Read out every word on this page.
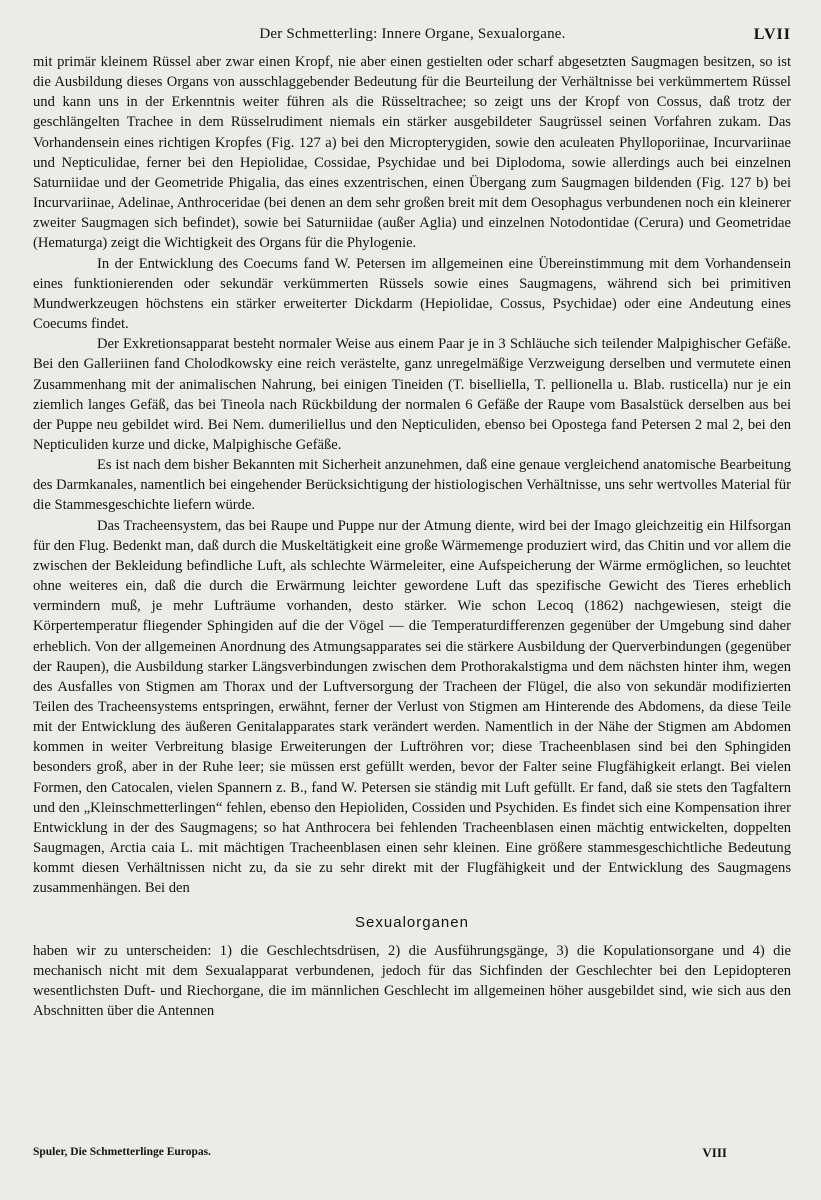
Der Schmetterling: Innere Organe, Sexualorgane.	LVII

mit primär kleinem Rüssel aber zwar einen Kropf, nie aber einen gestielten oder scharf abgesetzten Saugmagen besitzen, so ist die Ausbildung dieses Organs von ausschlaggebender Bedeutung für die Beurteilung der Verhältnisse bei verkümmertem Rüssel und kann uns in der Erkenntnis weiter führen als die Rüsseltrachee; so zeigt uns der Kropf von Cossus, daß trotz der geschlängelten Trachee in dem Rüsselrudiment niemals ein stärker ausgebildeter Saugrüssel seinen Vorfahren zukam. Das Vorhandensein eines richtigen Kropfes (Fig. 127 a) bei den Micropterygiden, sowie den aculeaten Phylloporiinae, Incurvariinae und Nepticulidae, ferner bei den Hepiolidae, Cossidae, Psychidae und bei Diplodoma, sowie allerdings auch bei einzelnen Saturniidae und der Geometride Phigalia, das eines exzentrischen, einen Übergang zum Saugmagen bildenden (Fig. 127 b) bei Incurvariinae, Adelinae, Anthroceridae (bei denen an dem sehr großen breit mit dem Oesophagus verbundenen noch ein kleinerer zweiter Saugmagen sich befindet), sowie bei Saturniidae (außer Aglia) und einzelnen Notodontidae (Cerura) und Geometridae (Hematurga) zeigt die Wichtigkeit des Organs für die Phylogenie.

In der Entwicklung des Coecums fand W. Petersen im allgemeinen eine Übereinstimmung mit dem Vorhandensein eines funktionierenden oder sekundär verkümmerten Rüssels sowie eines Saugmagens, während sich bei primitiven Mundwerkzeugen höchstens ein stärker erweiterter Dickdarm (Hepiolidae, Cossus, Psychidae) oder eine Andeutung eines Coecums findet.

Der Exkretionsapparat besteht normaler Weise aus einem Paar je in 3 Schläuche sich teilender Malpighischer Gefäße. Bei den Galleriinen fand Cholodkowsky eine reich verästelte, ganz unregelmäßige Verzweigung derselben und vermutete einen Zusammenhang mit der animalischen Nahrung, bei einigen Tineiden (T. biselliella, T. pellionella u. Blab. rusticella) nur je ein ziemlich langes Gefäß, das bei Tineola nach Rückbildung der normalen 6 Gefäße der Raupe vom Basalstück derselben aus bei der Puppe neu gebildet wird. Bei Nem. dumeriliellus und den Nepticuliden, ebenso bei Opostega fand Petersen 2 mal 2, bei den Nepticuliden kurze und dicke, Malpighische Gefäße.

Es ist nach dem bisher Bekannten mit Sicherheit anzunehmen, daß eine genaue vergleichend anatomische Bearbeitung des Darmkanales, namentlich bei eingehender Berücksichtigung der histiologischen Verhältnisse, uns sehr wertvolles Material für die Stammesgeschichte liefern würde.

Das Tracheensystem, das bei Raupe und Puppe nur der Atmung diente, wird bei der Imago gleichzeitig ein Hilfsorgan für den Flug. Bedenkt man, daß durch die Muskeltätigkeit eine große Wärmemenge produziert wird, das Chitin und vor allem die zwischen der Bekleidung befindliche Luft, als schlechte Wärmeleiter, eine Aufspeicherung der Wärme ermöglichen, so leuchtet ohne weiteres ein, daß die durch die Erwärmung leichter gewordene Luft das spezifische Gewicht des Tieres erheblich vermindern muß, je mehr Lufträume vorhanden, desto stärker. Wie schon Lecoq (1862) nachgewiesen, steigt die Körpertemperatur fliegender Sphingiden auf die der Vögel — die Temperaturdifferenzen gegenüber der Umgebung sind daher erheblich. Von der allgemeinen Anordnung des Atmungsapparates sei die stärkere Ausbildung der Querverbindungen (gegenüber der Raupen), die Ausbildung starker Längsverbindungen zwischen dem Prothorakalstigma und dem nächsten hinter ihm, wegen des Ausfalles von Stigmen am Thorax und der Luftversorgung der Tracheen der Flügel, die also von sekundär modifizierten Teilen des Tracheensystems entspringen, erwähnt, ferner der Verlust von Stigmen am Hinterende des Abdomens, da diese Teile mit der Entwicklung des äußeren Genitalapparates stark verändert werden. Namentlich in der Nähe der Stigmen am Abdomen kommen in weiter Verbreitung blasige Erweiterungen der Luftröhren vor; diese Tracheenblasen sind bei den Sphingiden besonders groß, aber in der Ruhe leer; sie müssen erst gefüllt werden, bevor der Falter seine Flugfähigkeit erlangt. Bei vielen Formen, den Catocalen, vielen Spannern z. B., fand W. Petersen sie ständig mit Luft gefüllt. Er fand, daß sie stets den Tagfaltern und den „Kleinschmetterlingen“ fehlen, ebenso den Hepioliden, Cossiden und Psychiden. Es findet sich eine Kompensation ihrer Entwicklung in der des Saugmagens; so hat Anthrocera bei fehlenden Tracheenblasen einen mächtig entwickelten, doppelten Saugmagen, Arctia caia L. mit mächtigen Tracheenblasen einen sehr kleinen. Eine größere stammesgeschichtliche Bedeutung kommt diesen Verhältnissen nicht zu, da sie zu sehr direkt mit der Flugfähigkeit und der Entwicklung des Saugmagens zusammenhängen. Bei den

Sexualorganen

haben wir zu unterscheiden: 1) die Geschlechtsdrüsen, 2) die Ausführungsgänge, 3) die Kopulationsorgane und 4) die mechanisch nicht mit dem Sexualapparat verbundenen, jedoch für das Sichfinden der Geschlechter bei den Lepidopteren wesentlichsten Duft- und Riechorgane, die im männlichen Geschlecht im allgemeinen höher ausgebildet sind, wie sich aus den Abschnitten über die Antennen

Spuler, Die Schmetterlinge Europas.	VIII
